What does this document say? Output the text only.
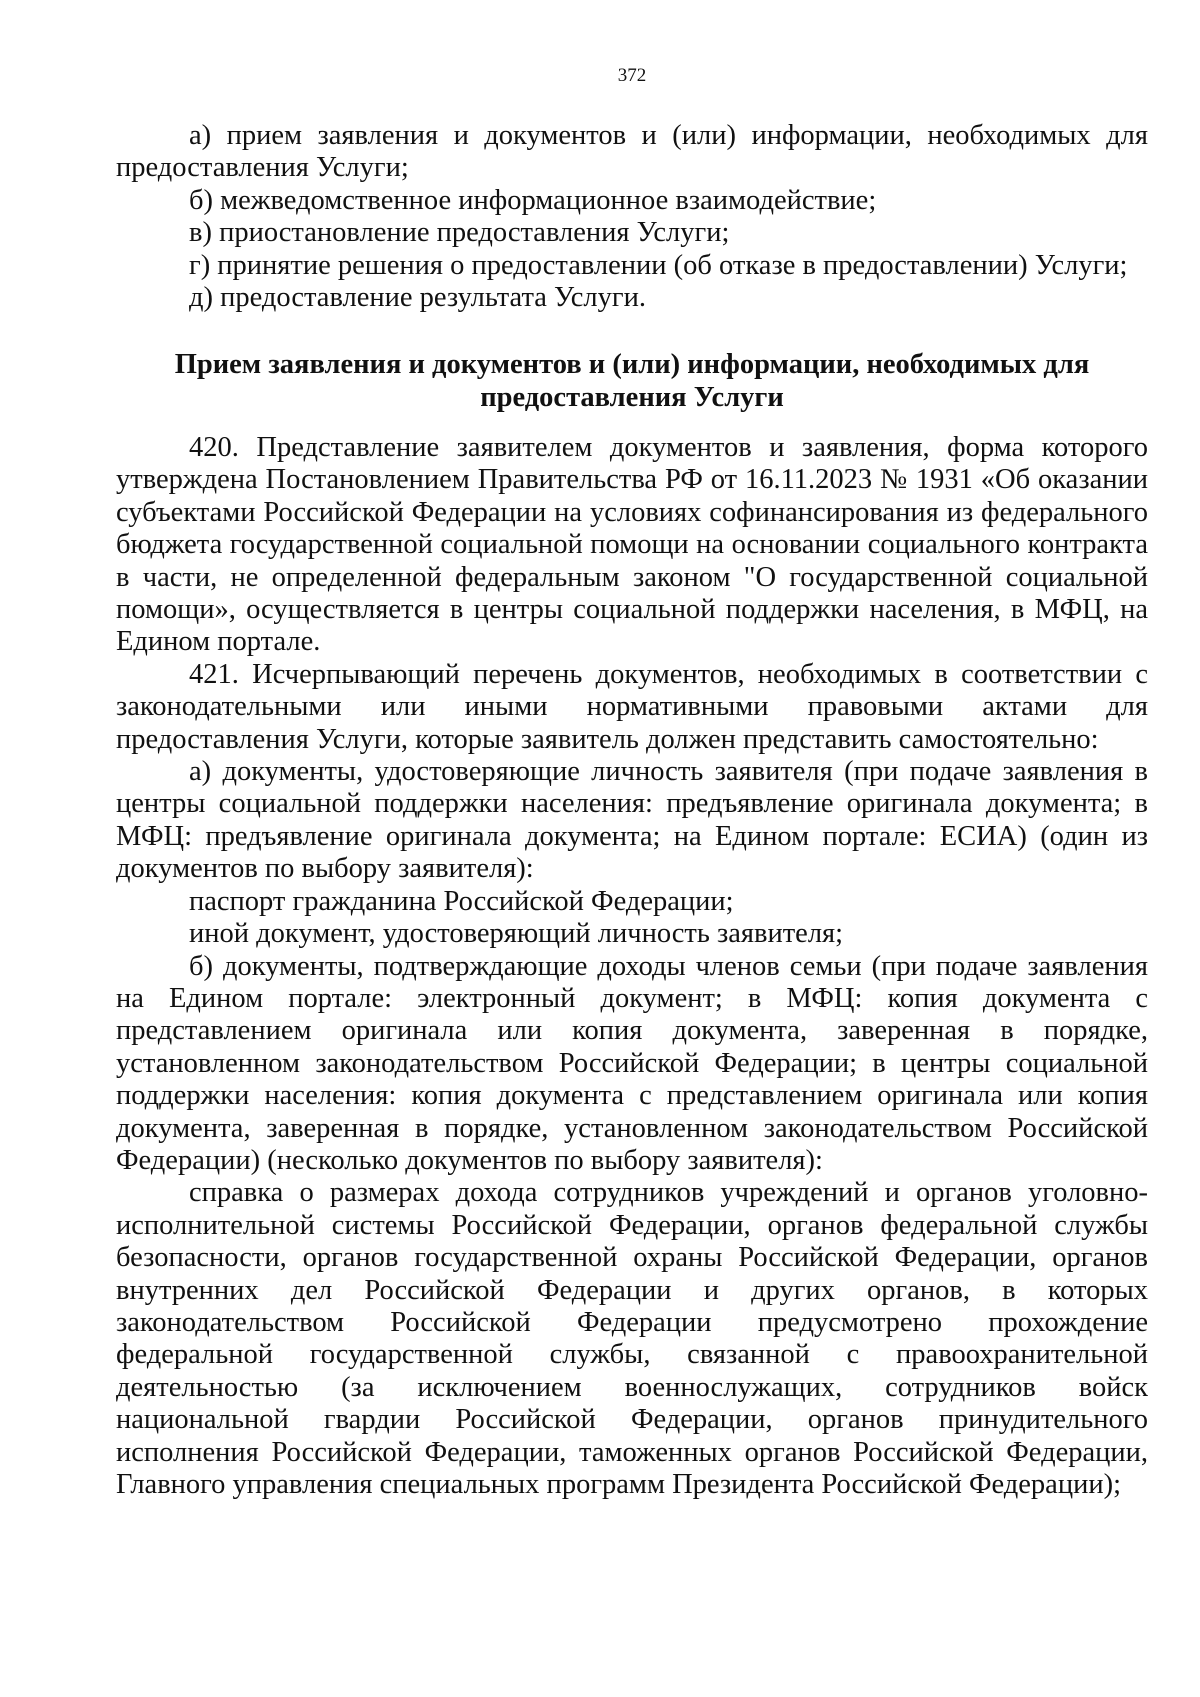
372

а) прием заявления и документов и (или) информации, необходимых для предоставления Услуги;

б) межведомственное информационное взаимодействие;

в) приостановление предоставления Услуги;

г) принятие решения о предоставлении (об отказе в предоставлении) Услуги;

д) предоставление результата Услуги.

Прием заявления и документов и (или) информации, необходимых для
предоставления Услуги

420. Представление заявителем документов и заявления, форма которого утверждена Постановлением Правительства РФ от 16.11.2023 № 1931 «Об оказании субъектами Российской Федерации на условиях софинансирования из федерального бюджета государственной социальной помощи на основании социального контракта в части, не определенной федеральным законом "О государственной социальной помощи», осуществляется в центры социальной поддержки населения, в МФЦ, на Едином портале.

421. Исчерпывающий перечень документов, необходимых в соответствии с законодательными или иными нормативными правовыми актами для предоставления Услуги, которые заявитель должен представить самостоятельно:

а) документы, удостоверяющие личность заявителя (при подаче заявления в центры социальной поддержки населения: предъявление оригинала документа; в МФЦ: предъявление оригинала документа; на Едином портале: ЕСИА) (один из документов по выбору заявителя):

паспорт гражданина Российской Федерации;

иной документ, удостоверяющий личность заявителя;

б) документы, подтверждающие доходы членов семьи (при подаче заявления на Едином портале: электронный документ; в МФЦ: копия документа с представлением оригинала или копия документа, заверенная в порядке, установленном законодательством Российской Федерации; в центры социальной поддержки населения: копия документа с представлением оригинала или копия документа, заверенная в порядке, установленном законодательством Российской Федерации) (несколько документов по выбору заявителя):

справка о размерах дохода сотрудников учреждений и органов уголовно-исполнительной системы Российской Федерации, органов федеральной службы безопасности, органов государственной охраны Российской Федерации, органов внутренних дел Российской Федерации и других органов, в которых законодательством Российской Федерации предусмотрено прохождение федеральной государственной службы, связанной с правоохранительной деятельностью (за исключением военнослужащих, сотрудников войск национальной гвардии Российской Федерации, органов принудительного исполнения Российской Федерации, таможенных органов Российской Федерации, Главного управления специальных программ Президента Российской Федерации);
